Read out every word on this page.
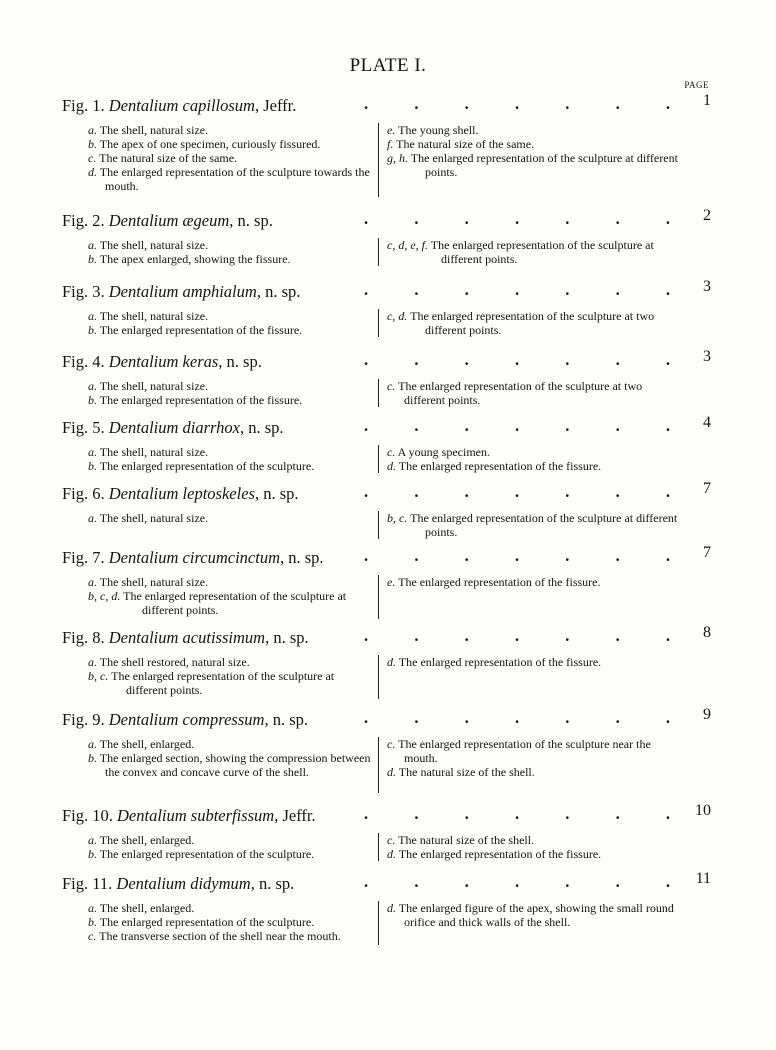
PLATE I.
PAGE
Fig. 1. Dentalium capillosum, Jeffr.	.	.	.	.	.	.	. 1
a. The shell, natural size.
b. The apex of one specimen, curiously fissured.
c. The natural size of the same.
d. The enlarged representation of the sculpture towards the mouth.
e. The young shell.
f. The natural size of the same.
g, h. The enlarged representation of the sculpture at different points.
Fig. 2. Dentalium ægeum, n. sp.	.	.	.	.	.	.	. 2
a. The shell, natural size.
b. The apex enlarged, showing the fissure.
c, d, e, f. The enlarged representation of the sculpture at different points.
Fig. 3. Dentalium amphialum, n. sp.	.	.	.	.	.	.	. 3
a. The shell, natural size.
b. The enlarged representation of the fissure.
c, d. The enlarged representation of the sculpture at two different points.
Fig. 4. Dentalium keras, n. sp.	.	.	.	.	.	.	. 3
a. The shell, natural size.
b. The enlarged representation of the fissure.
c. The enlarged representation of the sculpture at two different points.
Fig. 5. Dentalium diarrhox, n. sp.	.	.	.	.	.	.	. 4
a. The shell, natural size.
b. The enlarged representation of the sculpture.
c. A young specimen.
d. The enlarged representation of the fissure.
Fig. 6. Dentalium leptoskeles, n. sp.	.	.	.	.	.	.	. 7
a. The shell, natural size.	b, c. The enlarged representation of the sculpture at different points.
Fig. 7. Dentalium circumcinctum, n. sp. .	.	.	.	.	.	. 7
a. The shell, natural size.
b, c, d. The enlarged representation of the sculpture at different points.
e. The enlarged representation of the fissure.
Fig. 8. Dentalium acutissimum, n. sp.	.	.	.	.	.	.	. 8
a. The shell restored, natural size.
b, c. The enlarged representation of the sculpture at different points.
d. The enlarged representation of the fissure.
Fig. 9. Dentalium compressum, n. sp.	.	.	.	.	.	.	. 9
a. The shell, enlarged.
b. The enlarged section, showing the compression between the convex and concave curve of the shell.
c. The enlarged representation of the sculpture near the mouth.
d. The natural size of the shell.
Fig. 10. Dentalium subterfissum, Jeffr.	.	.	.	.	.	.	. 10
a. The shell, enlarged.
b. The enlarged representation of the sculpture.
c. The natural size of the shell.
d. The enlarged representation of the fissure.
Fig. 11. Dentalium didymum, n. sp.	.	.	.	.	.	.	. 11
a. The shell, enlarged.
b. The enlarged representation of the sculpture.
c. The transverse section of the shell near the mouth.
d. The enlarged figure of the apex, showing the small round orifice and thick walls of the shell.
